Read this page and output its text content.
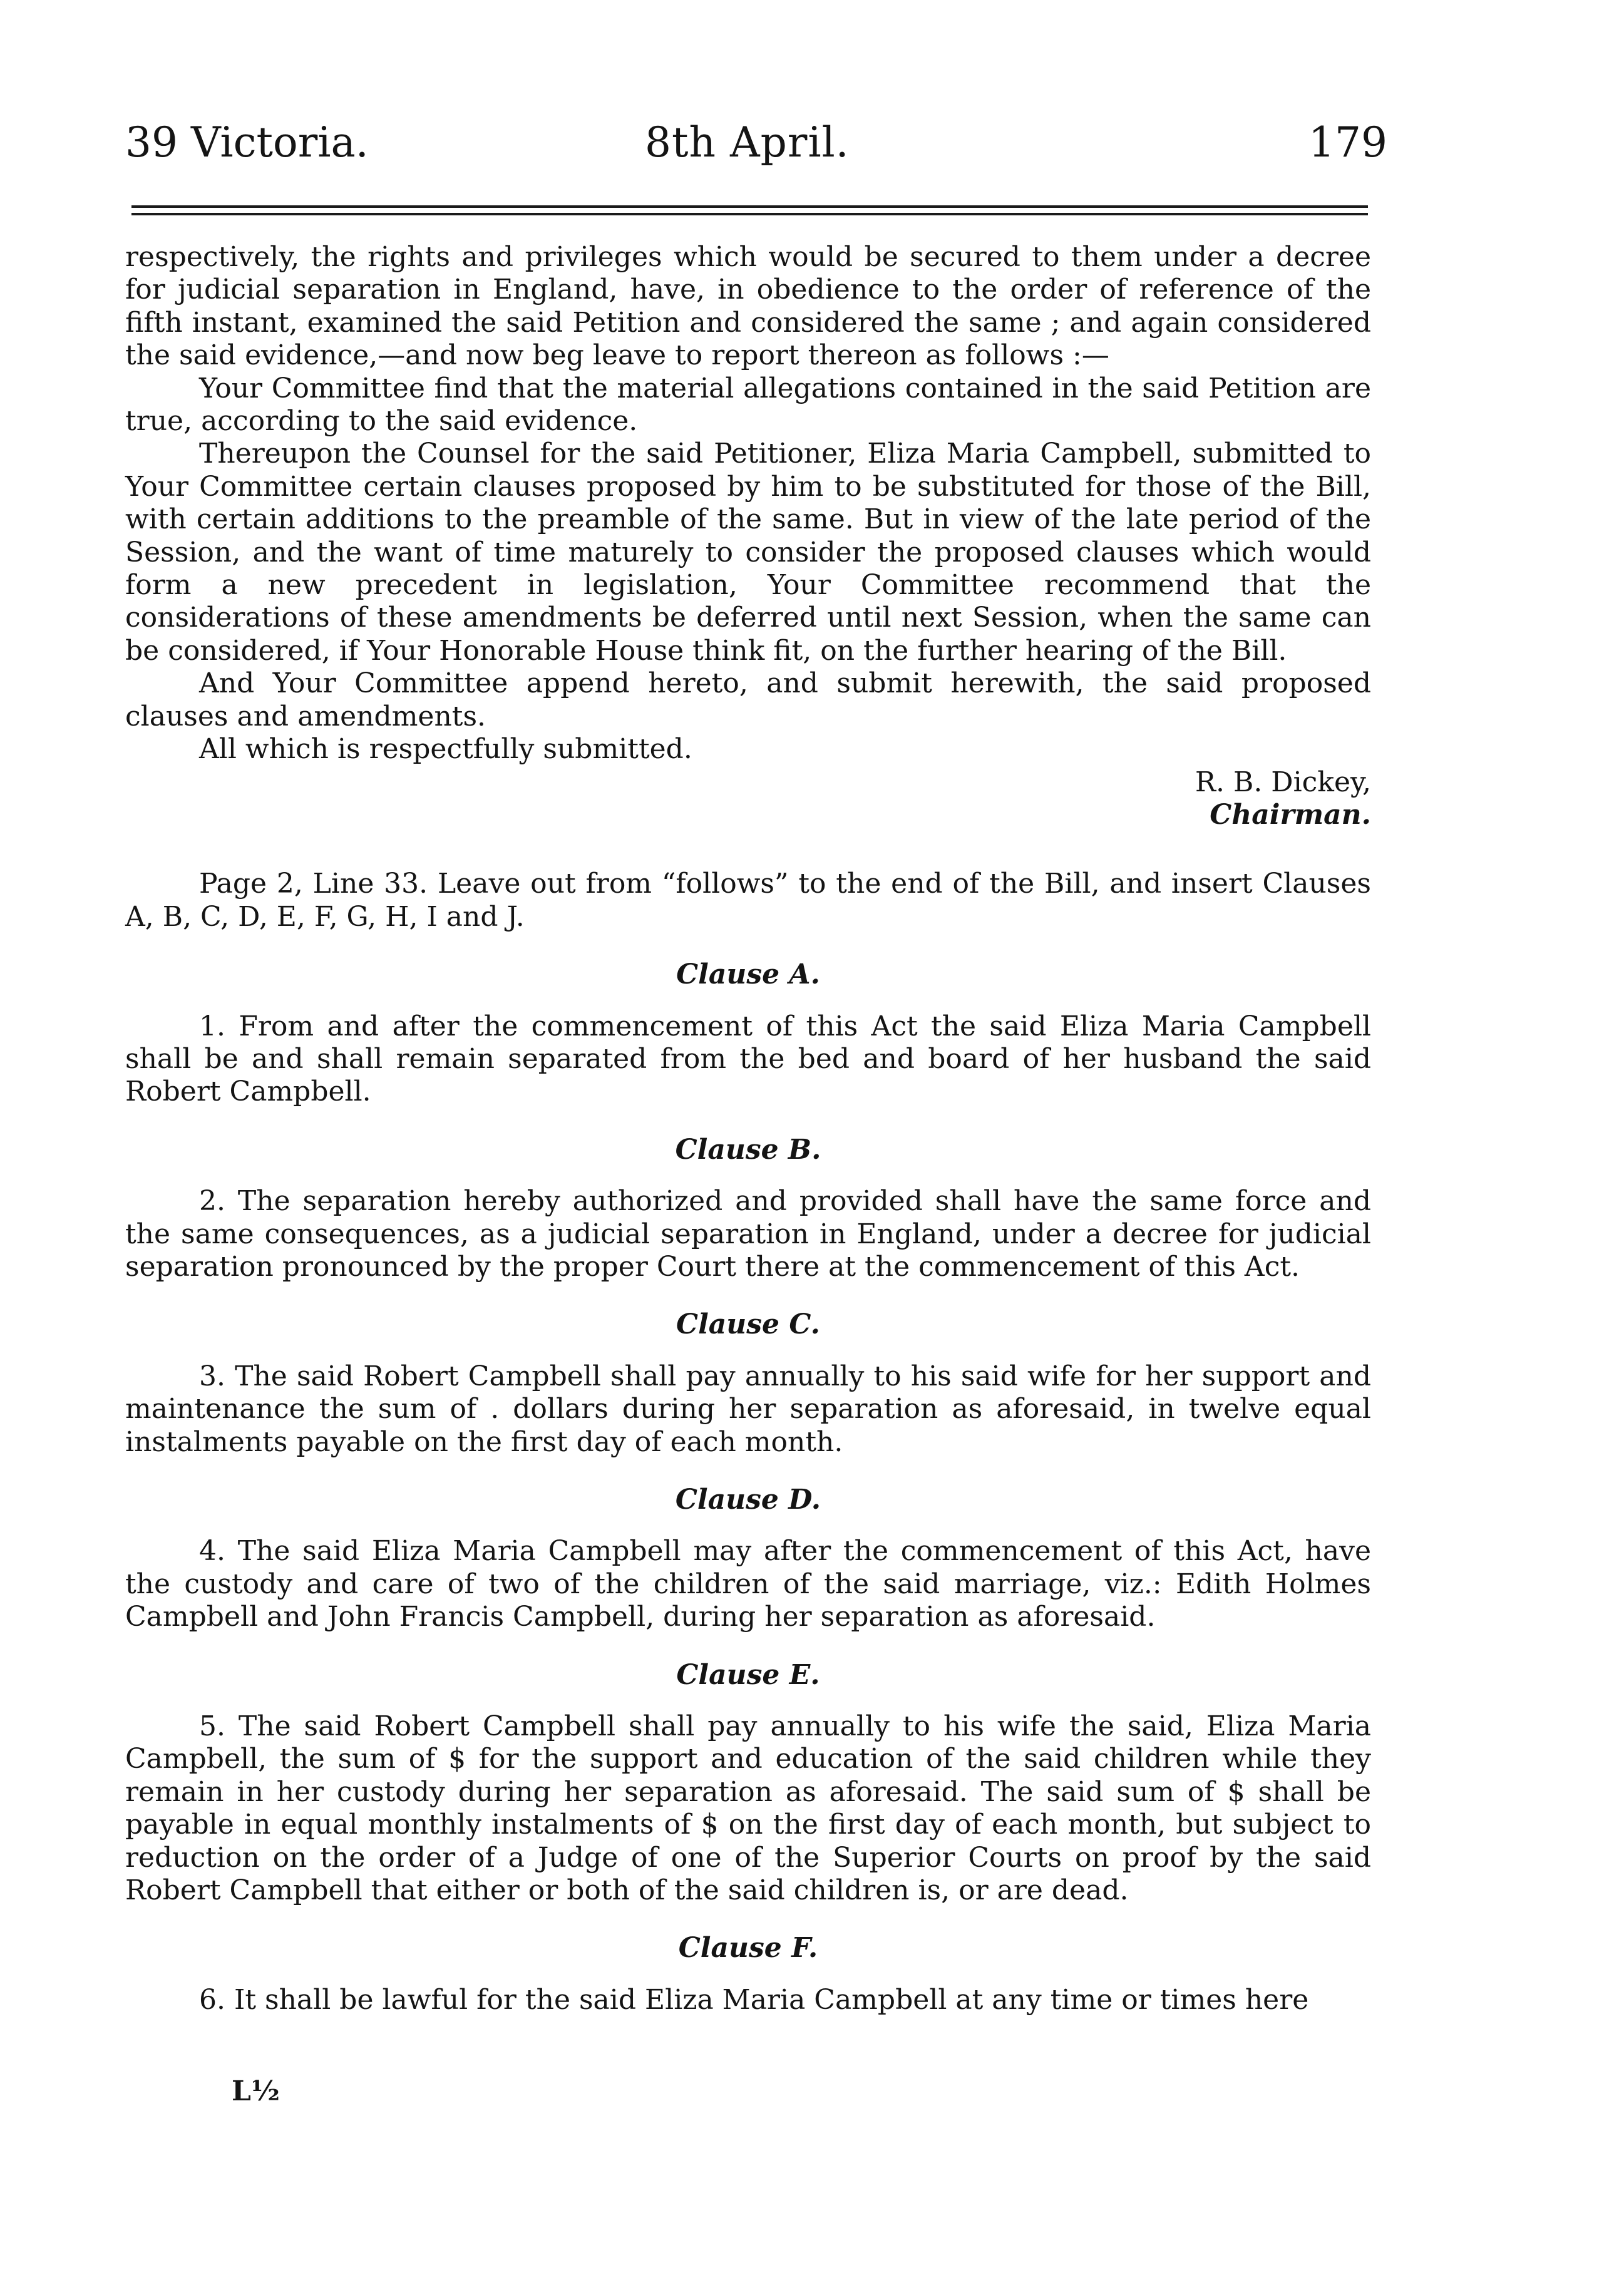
39 Victoria.	8th April.	179

respectively, the rights and privileges which would be secured to them under a decree for judicial separation in England, have, in obedience to the order of reference of the fifth instant, examined the said Petition and considered the same ; and again considered the said evidence,—and now beg leave to report thereon as follows :—

Your Committee find that the material allegations contained in the said Petition are true, according to the said evidence.

Thereupon the Counsel for the said Petitioner, Eliza Maria Campbell, submitted to Your Committee certain clauses proposed by him to be substituted for those of the Bill, with certain additions to the preamble of the same. But in view of the late period of the Session, and the want of time maturely to consider the proposed clauses which would form a new precedent in legislation, Your Committee recommend that the considerations of these amendments be deferred until next Session, when the same can be considered, if Your Honorable House think fit, on the further hearing of the Bill.

And Your Committee append hereto, and submit herewith, the said proposed clauses and amendments.

All which is respectfully submitted.

R. B. Dickey,

Chairman.

Page 2, Line 33. Leave out from “follows” to the end of the Bill, and insert Clauses A, B, C, D, E, F, G, H, I and J.

Clause A.

1. From and after the commencement of this Act the said Eliza Maria Campbell shall be and shall remain separated from the bed and board of her husband the said Robert Campbell.

Clause B.

2. The separation hereby authorized and provided shall have the same force and the same consequences, as a judicial separation in England, under a decree for judicial separation pronounced by the proper Court there at the commencement of this Act.

Clause C.

3. The said Robert Campbell shall pay annually to his said wife for her support and maintenance the sum of . dollars during her separation as aforesaid, in twelve equal instalments payable on the first day of each month.

Clause D.

4. The said Eliza Maria Campbell may after the commencement of this Act, have the custody and care of two of the children of the said marriage, viz.: Edith Holmes Campbell and John Francis Campbell, during her separation as aforesaid.

Clause E.

5. The said Robert Campbell shall pay annually to his wife the said, Eliza Maria Campbell, the sum of $ for the support and education of the said children while they remain in her custody during her separation as aforesaid. The said sum of $ shall be payable in equal monthly instalments of $ on the first day of each month, but subject to reduction on the order of a Judge of one of the Superior Courts on proof by the said Robert Campbell that either or both of the said children is, or are dead.

Clause F.

6. It shall be lawful for the said Eliza Maria Campbell at any time or times here

L½
